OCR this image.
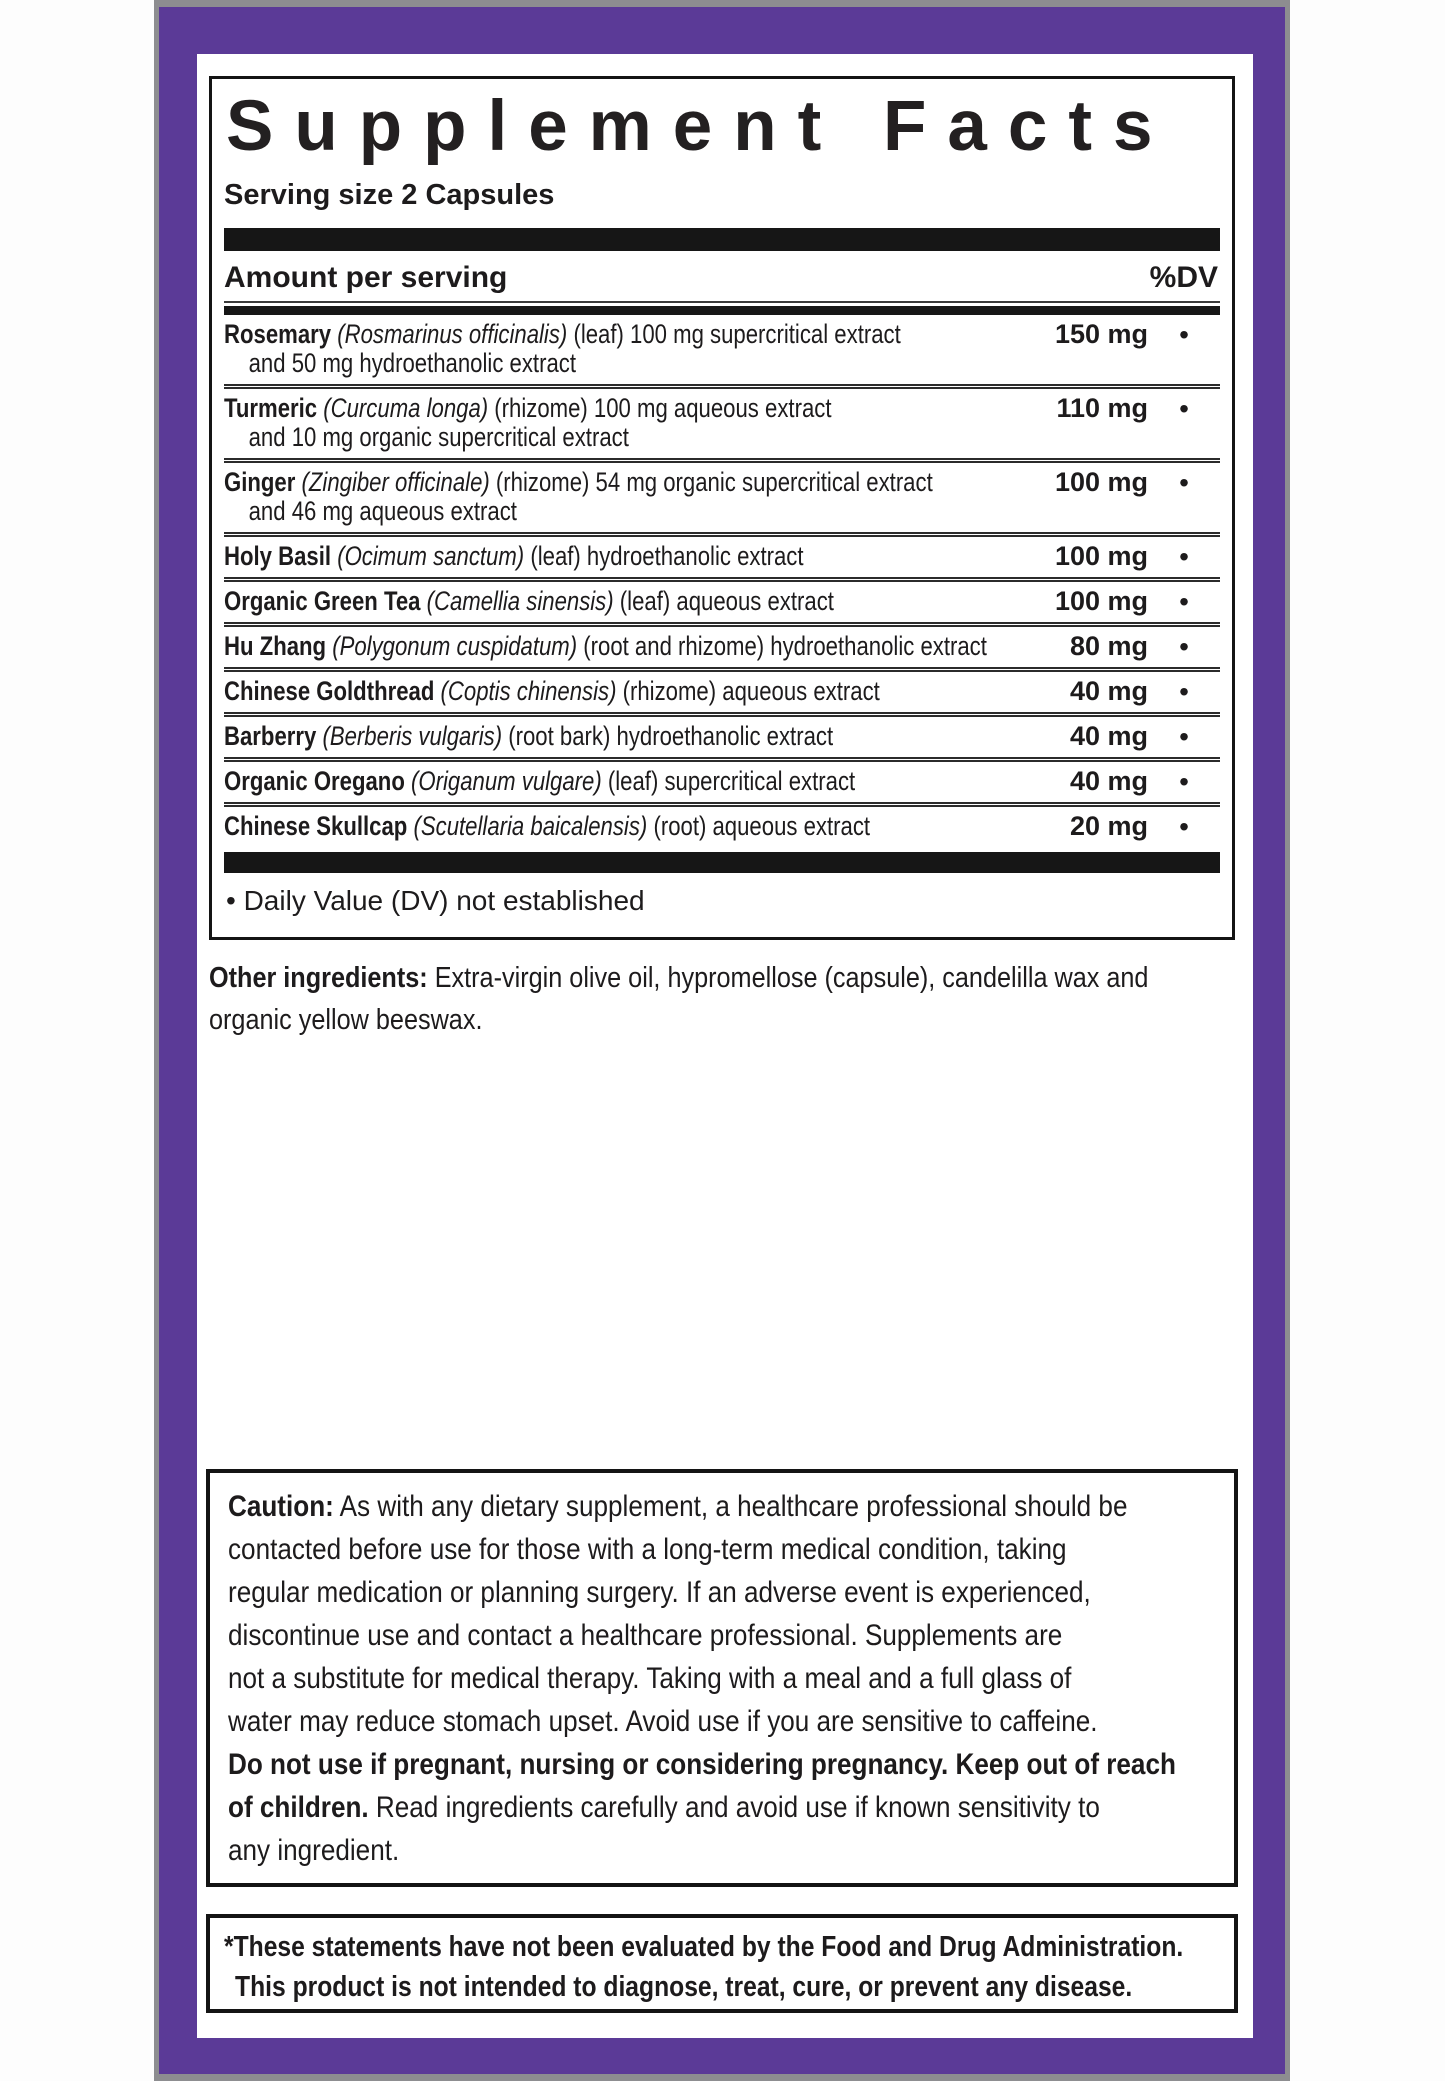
Supplement Facts
Serving size 2 Capsules
Amount per serving	%DV
Rosemary (Rosmarinus officinalis) (leaf) 100 mg supercritical extract
and 50 mg hydroethanolic extract
150 mg	•
Turmeric (Curcuma longa) (rhizome) 100 mg aqueous extract
and 10 mg organic supercritical extract
110 mg	•
Ginger (Zingiber officinale) (rhizome) 54 mg organic supercritical extract
and 46 mg aqueous extract
100 mg	•
Holy Basil (Ocimum sanctum) (leaf) hydroethanolic extract	100 mg	•
Organic Green Tea (Camellia sinensis) (leaf) aqueous extract	100 mg	•
Hu Zhang (Polygonum cuspidatum) (root and rhizome) hydroethanolic extract	80 mg	•
Chinese Goldthread (Coptis chinensis) (rhizome) aqueous extract	40 mg	•
Barberry (Berberis vulgaris) (root bark) hydroethanolic extract	40 mg	•
Organic Oregano (Origanum vulgare) (leaf) supercritical extract	40 mg	•
Chinese Skullcap (Scutellaria baicalensis) (root) aqueous extract	20 mg	•
• Daily Value (DV) not established
Other ingredients: Extra-virgin olive oil, hypromellose (capsule), candelilla wax and
organic yellow beeswax.
Caution: As with any dietary supplement, a healthcare professional should be
contacted before use for those with a long-term medical condition, taking
regular medication or planning surgery. If an adverse event is experienced,
discontinue use and contact a healthcare professional. Supplements are
not a substitute for medical therapy. Taking with a meal and a full glass of
water may reduce stomach upset. Avoid use if you are sensitive to caffeine.
Do not use if pregnant, nursing or considering pregnancy. Keep out of reach
of children. Read ingredients carefully and avoid use if known sensitivity to
any ingredient.
*These statements have not been evaluated by the Food and Drug Administration.
This product is not intended to diagnose, treat, cure, or prevent any disease.
